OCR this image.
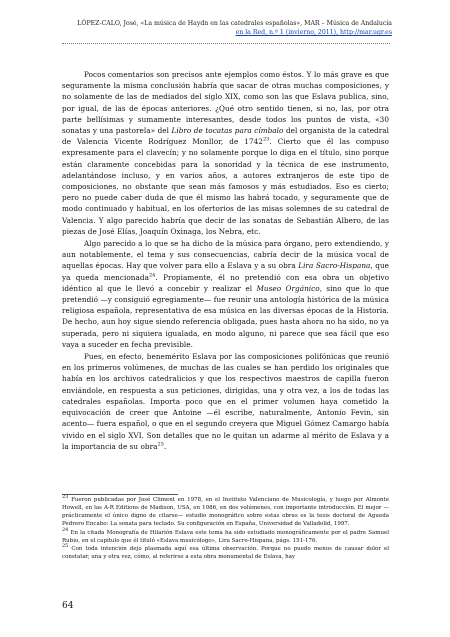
LÓPEZ-CALO, José, «La música de Haydn en las catedrales españolas», MAR – Música de Andalucía
en la Red, n.º 1 (invierno, 2011), http://mar.ugr.es

Pocos comentarios son precisos ante ejemplos como éstos. Y lo más grave es que seguramente la misma conclusión habría que sacar de otras muchas composiciones, y no solamente de las de mediados del siglo XIX, como son las que Eslava publica, sino, por igual, de las de épocas anteriores. ¿Qué otro sentido tienen, si no, las, por otra parte bellísimas y sumamente interesantes, desde todos los puntos de vista, «30 sonatas y una pastorela» del Libro de tocatas para címbalo del organista de la catedral de Valencia Vicente Rodríguez Monllor, de 1742$^{23}$. Cierto que él las compuso expresamente para el clavecín; y no solamente porque lo diga en el título, sino porque están claramente concebidas para la sonoridad y la técnica de ese instrumento, adelantándose incluso, y en varios años, a autores extranjeros de este tipo de composiciones, no obstante que sean más famosos y más estudiados. Eso es cierto; pero no puede caber duda de que él mismo las habrá tocado, y seguramente que de modo continuado y habitual, en los ofertorios de las misas solemnes de su catedral de Valencia. Y algo parecido habría que decir de las sonatas de Sebastián Albero, de las piezas de José Elías, Joaquín Oxinaga, los Nebra, etc.

Algo parecido a lo que se ha dicho de la música para órgano, pero extendiendo, y aun notablemente, el tema y sus consecuencias, cabría decir de la música vocal de aquellas épocas. Hay que volver para ello a Eslava y a su obra Lira Sacro-Hispana, que ya queda mencionada$^{24}$. Propiamente, él no pretendió con esa obra un objetivo idéntico al que le llevó a concebir y realizar el Museo Orgánico, sino que lo que pretendió —y consiguió egregiamente— fue reunir una antología histórica de la música religiosa española, representativa de esa música en las diversas épocas de la Historia. De hecho, aun hoy sigue siendo referencia obligada, pues hasta ahora no ha sido, no ya superada, pero ni siquiera igualada, en modo alguno, ni parece que sea fácil que eso vaya a suceder en fecha previsible.

Pues, en efecto, benemérito Eslava por las composiciones polifónicas que reunió en los primeros volúmenes, de muchas de las cuales se han perdido los originales que había en los archivos catedralicios y que los respectivos maestros de capilla fueron enviándole, en respuesta a sus peticiones, dirigidas, una y otra vez, a los de todas las catedrales españolas. Importa poco que en el primer volumen haya cometido la equivocación de creer que Antoine —él escribe, naturalmente, Antonio Fevin, sin acento— fuera español, o que en el segundo creyera que Miguel Gómez Camargo había vivido en el siglo XVI. Son detalles que no le quitan un adarme al mérito de Eslava y a la importancia de su obra$^{25}$.

$^{23}$ Fueron publicadas por José Climent en 1978, en el Instituto Valenciano de Musicología, y luego por Almonte Howell, en las A-R Editions de Madison, USA, en 1986, en dos volúmenes, con importante introducción. El mejor —prácticamente el único digno de citarse— estudio monográfico sobre estas obras es la tesis doctoral de Agueda Pedrero Encabo: La sonata para teclado. Su configuración en España, Universidad de Valladolid, 1997.

$^{24}$ En la citada Monografía de Hilarión Eslava este tema ha sido estudiado monográficamente por el padre Samuel Rubio, en el capítulo que él tituló «Eslava musicólogo», Lira Sacro-Hispana, págs. 151-176.

$^{25}$ Con toda intención dejo plasmada aquí esa última observación. Porque no puedo menos de causar dolor el constatar, una y otra vez, cómo, al referirse a esta obra monumental de Eslava, hay

64
